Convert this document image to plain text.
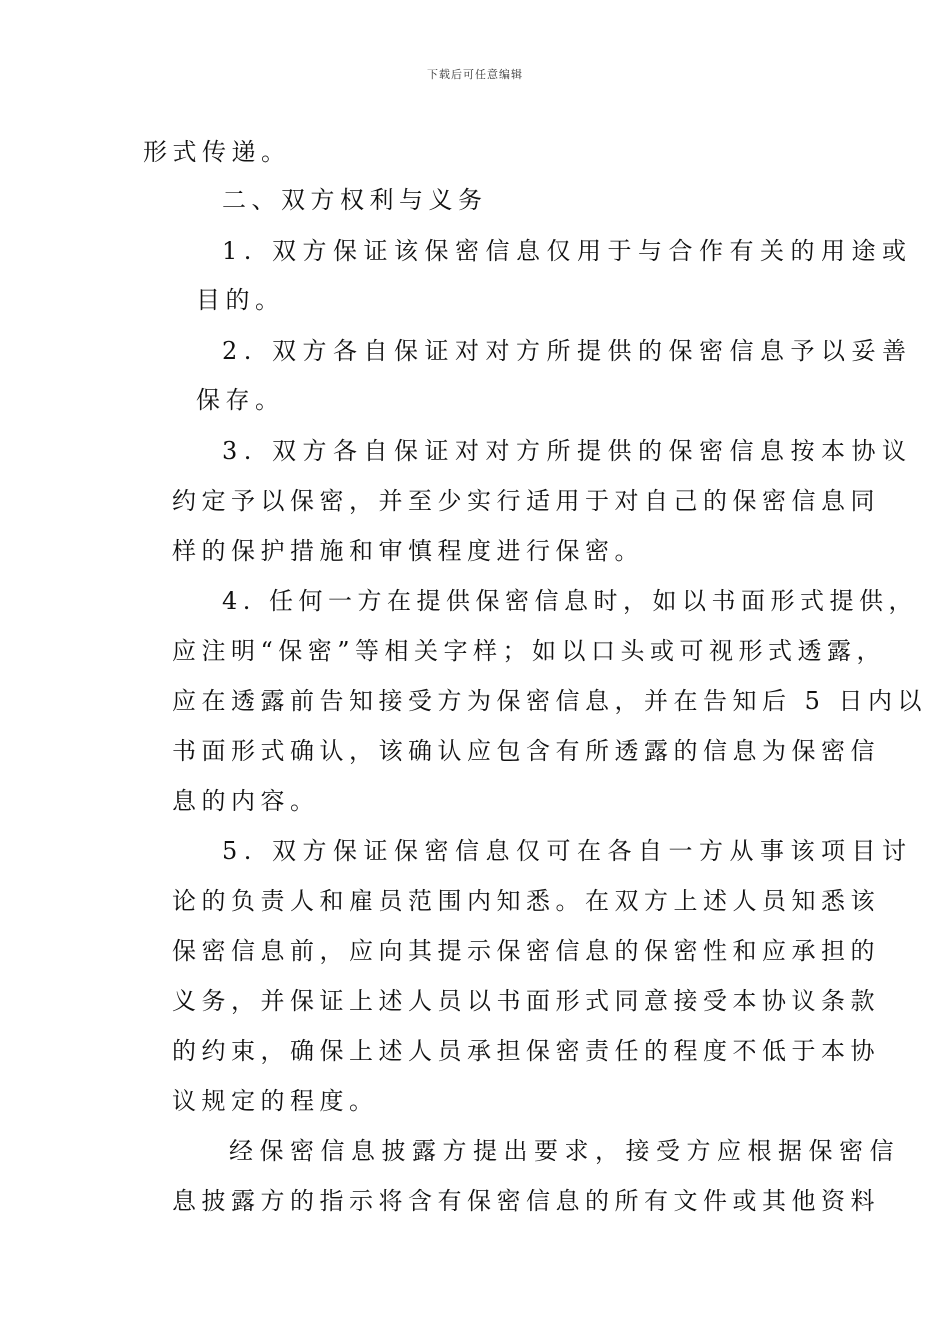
下载后可任意编辑
形式传递。
二、双方权利与义务
1. 双方保证该保密信息仅用于与合作有关的用途或
目的。
2. 双方各自保证对对方所提供的保密信息予以妥善
保存。
3. 双方各自保证对对方所提供的保密信息按本协议
约定予以保密，并至少实行适用于对自己的保密信息同
样的保护措施和审慎程度进行保密。
4. 任何一方在提供保密信息时，如以书面形式提供，
应注明“保密”等相关字样；如以口头或可视形式透露，
应在透露前告知接受方为保密信息，并在告知后 5 日内以
书面形式确认，该确认应包含有所透露的信息为保密信
息的内容。
5. 双方保证保密信息仅可在各自一方从事该项目讨
论的负责人和雇员范围内知悉。在双方上述人员知悉该
保密信息前，应向其提示保密信息的保密性和应承担的
义务，并保证上述人员以书面形式同意接受本协议条款
的约束，确保上述人员承担保密责任的程度不低于本协
议规定的程度。
经保密信息披露方提出要求，接受方应根据保密信
息披露方的指示将含有保密信息的所有文件或其他资料
